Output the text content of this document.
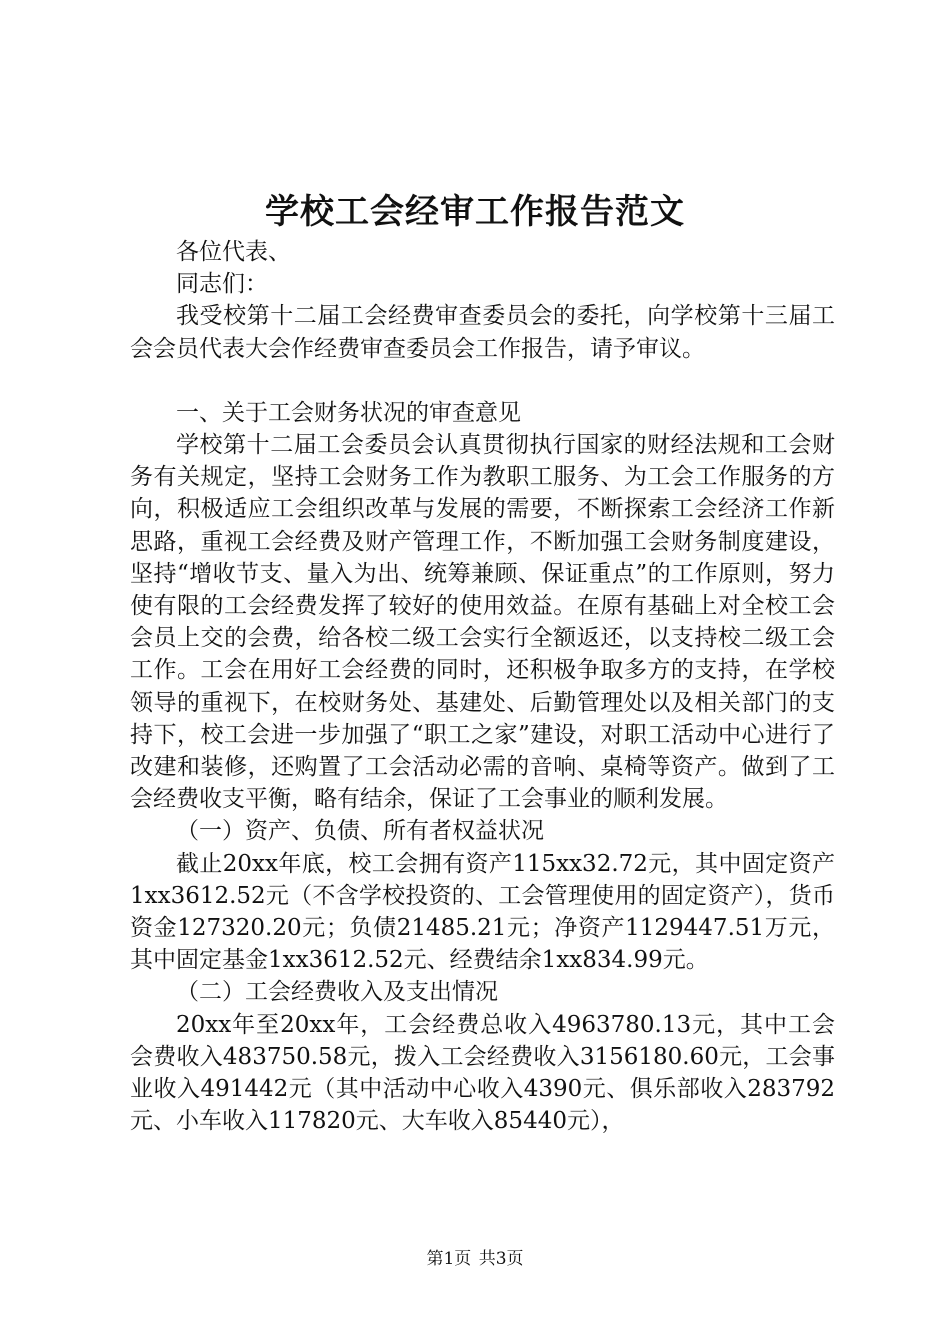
学校工会经审工作报告范文

各位代表、

同志们：

我受校第十二届工会经费审查委员会的委托，向学校第十三届工会会员代表大会作经费审查委员会工作报告，请予审议。

一、关于工会财务状况的审查意见

学校第十二届工会委员会认真贯彻执行国家的财经法规和工会财务有关规定，坚持工会财务工作为教职工服务、为工会工作服务的方向，积极适应工会组织改革与发展的需要，不断探索工会经济工作新思路，重视工会经费及财产管理工作，不断加强工会财务制度建设，坚持“增收节支、量入为出、统筹兼顾、保证重点”的工作原则，努力使有限的工会经费发挥了较好的使用效益。在原有基础上对全校工会会员上交的会费，给各校二级工会实行全额返还，以支持校二级工会工作。工会在用好工会经费的同时，还积极争取多方的支持，在学校领导的重视下，在校财务处、基建处、后勤管理处以及相关部门的支持下，校工会进一步加强了“职工之家”建设，对职工活动中心进行了改建和装修，还购置了工会活动必需的音响、桌椅等资产。做到了工会经费收支平衡，略有结余，保证了工会事业的顺利发展。

（一）资产、负债、所有者权益状况

截止20xx年底，校工会拥有资产115xx32.72元，其中固定资产1xx3612.52元（不含学校投资的、工会管理使用的固定资产），货币资金127320.20元；负债21485.21元；净资产1129447.51万元，其中固定基金1xx3612.52元、经费结余1xx834.99元。

（二）工会经费收入及支出情况

20xx年至20xx年，工会经费总收入4963780.13元，其中工会会费收入483750.58元，拨入工会经费收入3156180.60元，工会事业收入491442元（其中活动中心收入4390元、俱乐部收入283792元、小车收入117820元、大车收入85440元），

第1页 共3页
